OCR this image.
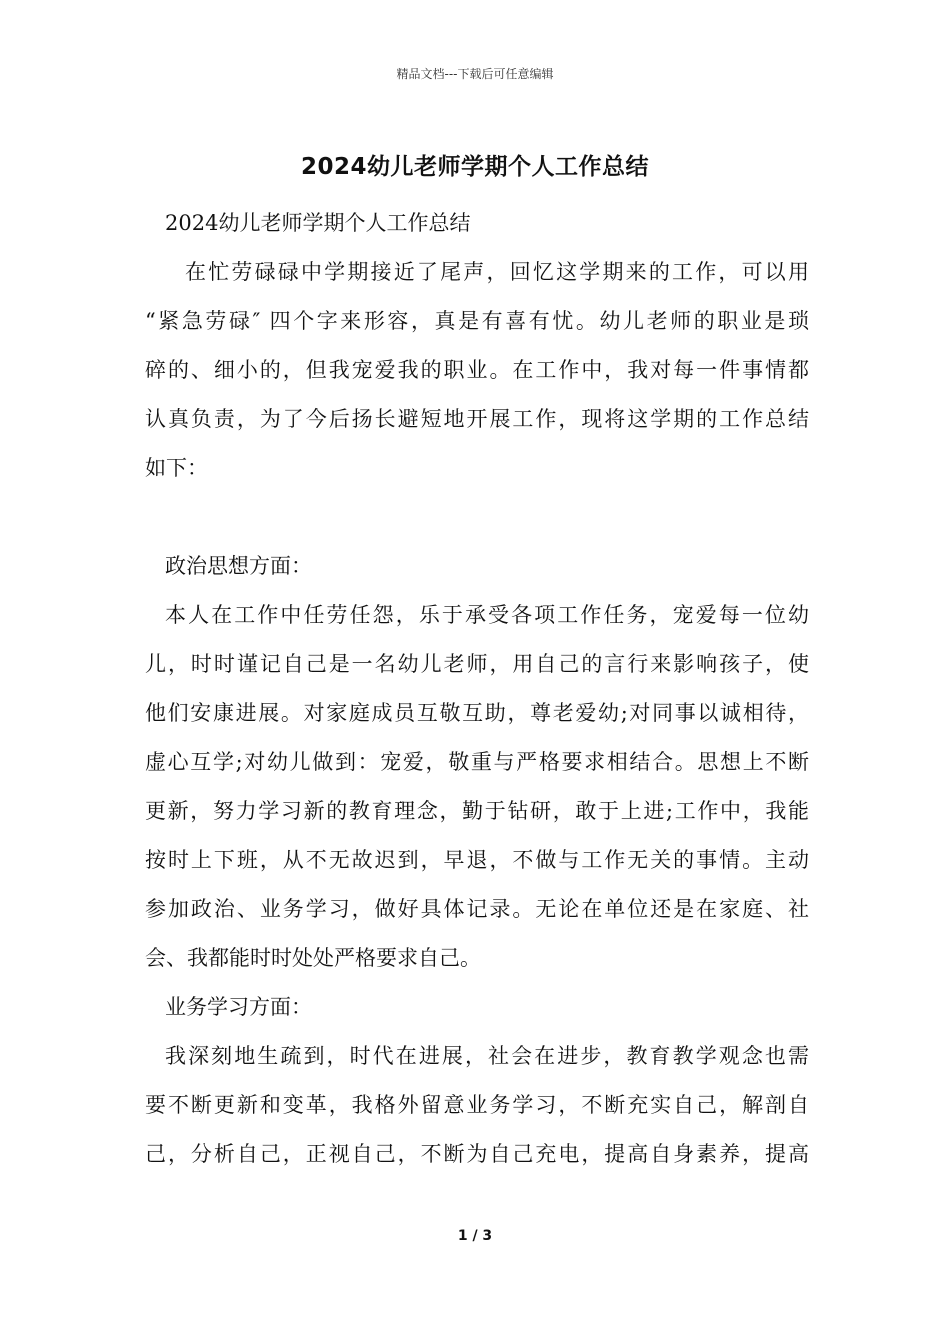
精品文档---下载后可任意编辑
2024幼儿老师学期个人工作总结
2024幼儿老师学期个人工作总结
在忙劳碌碌中学期接近了尾声，回忆这学期来的工作，可以用
“紧急劳碌″ 四个字来形容，真是有喜有忧。幼儿老师的职业是琐
碎的、细小的，但我宠爱我的职业。在工作中，我对每一件事情都
认真负责，为了今后扬长避短地开展工作，现将这学期的工作总结
如下：
政治思想方面：
本人在工作中任劳任怨，乐于承受各项工作任务，宠爱每一位幼
儿，时时谨记自己是一名幼儿老师，用自己的言行来影响孩子，使
他们安康进展。对家庭成员互敬互助，尊老爱幼;对同事以诚相待，
虚心互学;对幼儿做到：宠爱，敬重与严格要求相结合。思想上不断
更新，努力学习新的教育理念，勤于钻研，敢于上进;工作中，我能
按时上下班，从不无故迟到，早退，不做与工作无关的事情。主动
参加政治、业务学习，做好具体记录。无论在单位还是在家庭、社
会、我都能时时处处严格要求自己。
业务学习方面：
我深刻地生疏到，时代在进展，社会在进步，教育教学观念也需
要不断更新和变革，我格外留意业务学习，不断充实自己，解剖自
己，分析自己，正视自己，不断为自己充电，提高自身素养，提高
1 / 3
